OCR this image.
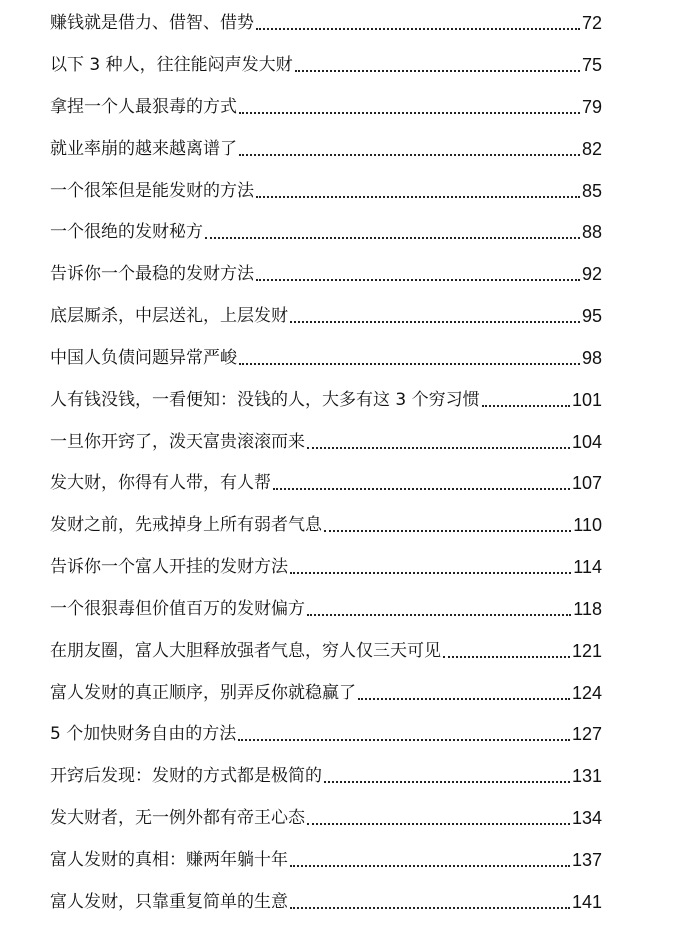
赚钱就是借力、借智、借势	72
以下 3 种人，往往能闷声发大财	75
拿捏一个人最狠毒的方式	79
就业率崩的越来越离谱了	82
一个很笨但是能发财的方法	85
一个很绝的发财秘方	88
告诉你一个最稳的发财方法	92
底层厮杀，中层送礼，上层发财	95
中国人负债问题异常严峻	98
人有钱没钱，一看便知：没钱的人，大多有这 3 个穷习惯	101
一旦你开窍了，泼天富贵滚滚而来	104
发大财，你得有人带，有人帮	107
发财之前，先戒掉身上所有弱者气息	110
告诉你一个富人开挂的发财方法	114
一个很狠毒但价值百万的发财偏方	118
在朋友圈，富人大胆释放强者气息，穷人仅三天可见	121
富人发财的真正顺序，别弄反你就稳赢了	124
5 个加快财务自由的方法	127
开窍后发现：发财的方式都是极简的	131
发大财者，无一例外都有帝王心态	134
富人发财的真相：赚两年躺十年	137
富人发财，只靠重复简单的生意	141
